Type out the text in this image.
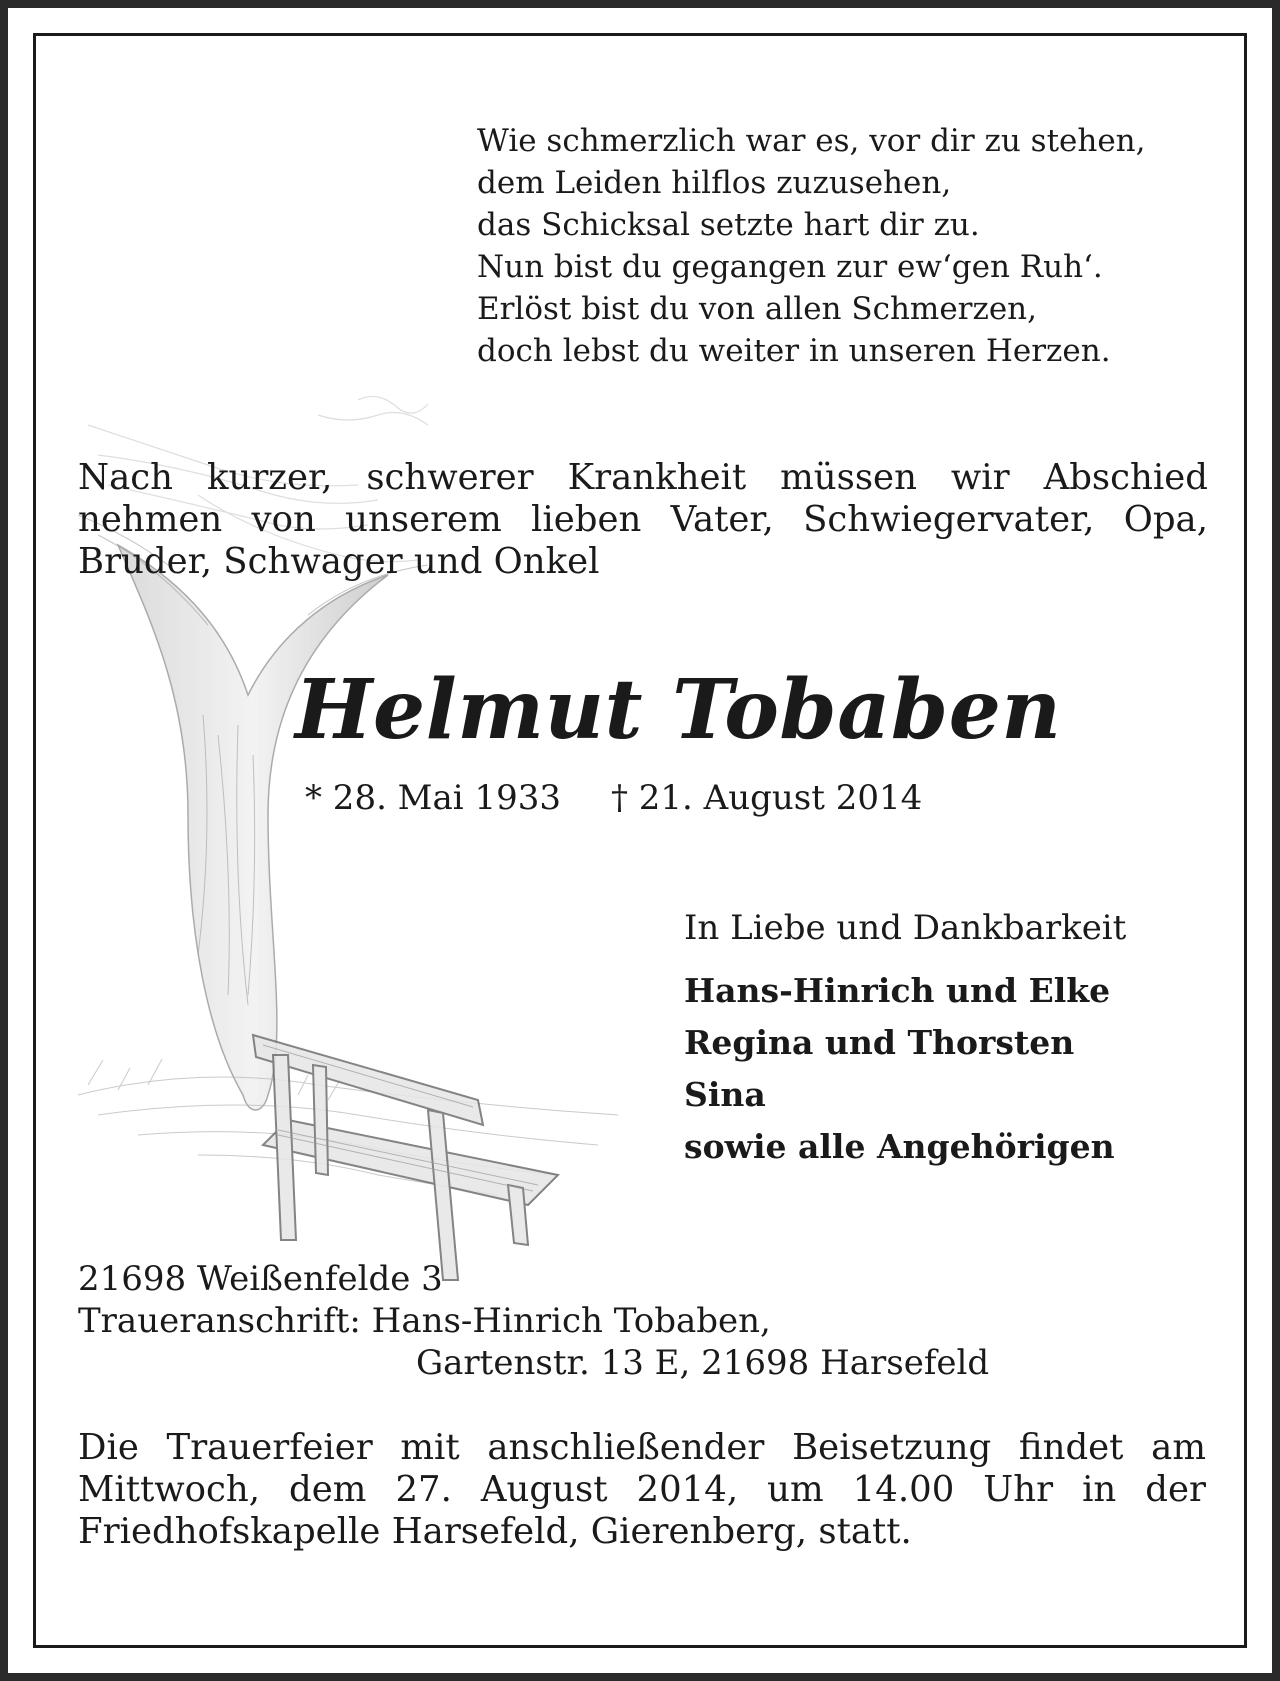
Wie schmerzlich war es, vor dir zu stehen,
dem Leiden hilflos zuzusehen,
das Schicksal setzte hart dir zu.
Nun bist du gegangen zur ew‘gen Ruh‘.
Erlöst bist du von allen Schmerzen,
doch lebst du weiter in unseren Herzen.
Nach kurzer, schwerer Krankheit müssen wir Abschied
nehmen von unserem lieben Vater, Schwiegervater, Opa,
Bruder, Schwager und Onkel
Helmut Tobaben
* 28. Mai 1933 † 21. August 2014
In Liebe und Dankbarkeit
Hans-Hinrich und Elke
Regina und Thorsten
Sina
sowie alle Angehörigen
21698 Weißenfelde 3
Traueranschrift: Hans-Hinrich Tobaben,
Gartenstr. 13 E, 21698 Harsefeld
Die Trauerfeier mit anschließender Beisetzung findet am
Mittwoch, dem 27. August 2014, um 14.00 Uhr in der
Friedhofskapelle Harsefeld, Gierenberg, statt.
